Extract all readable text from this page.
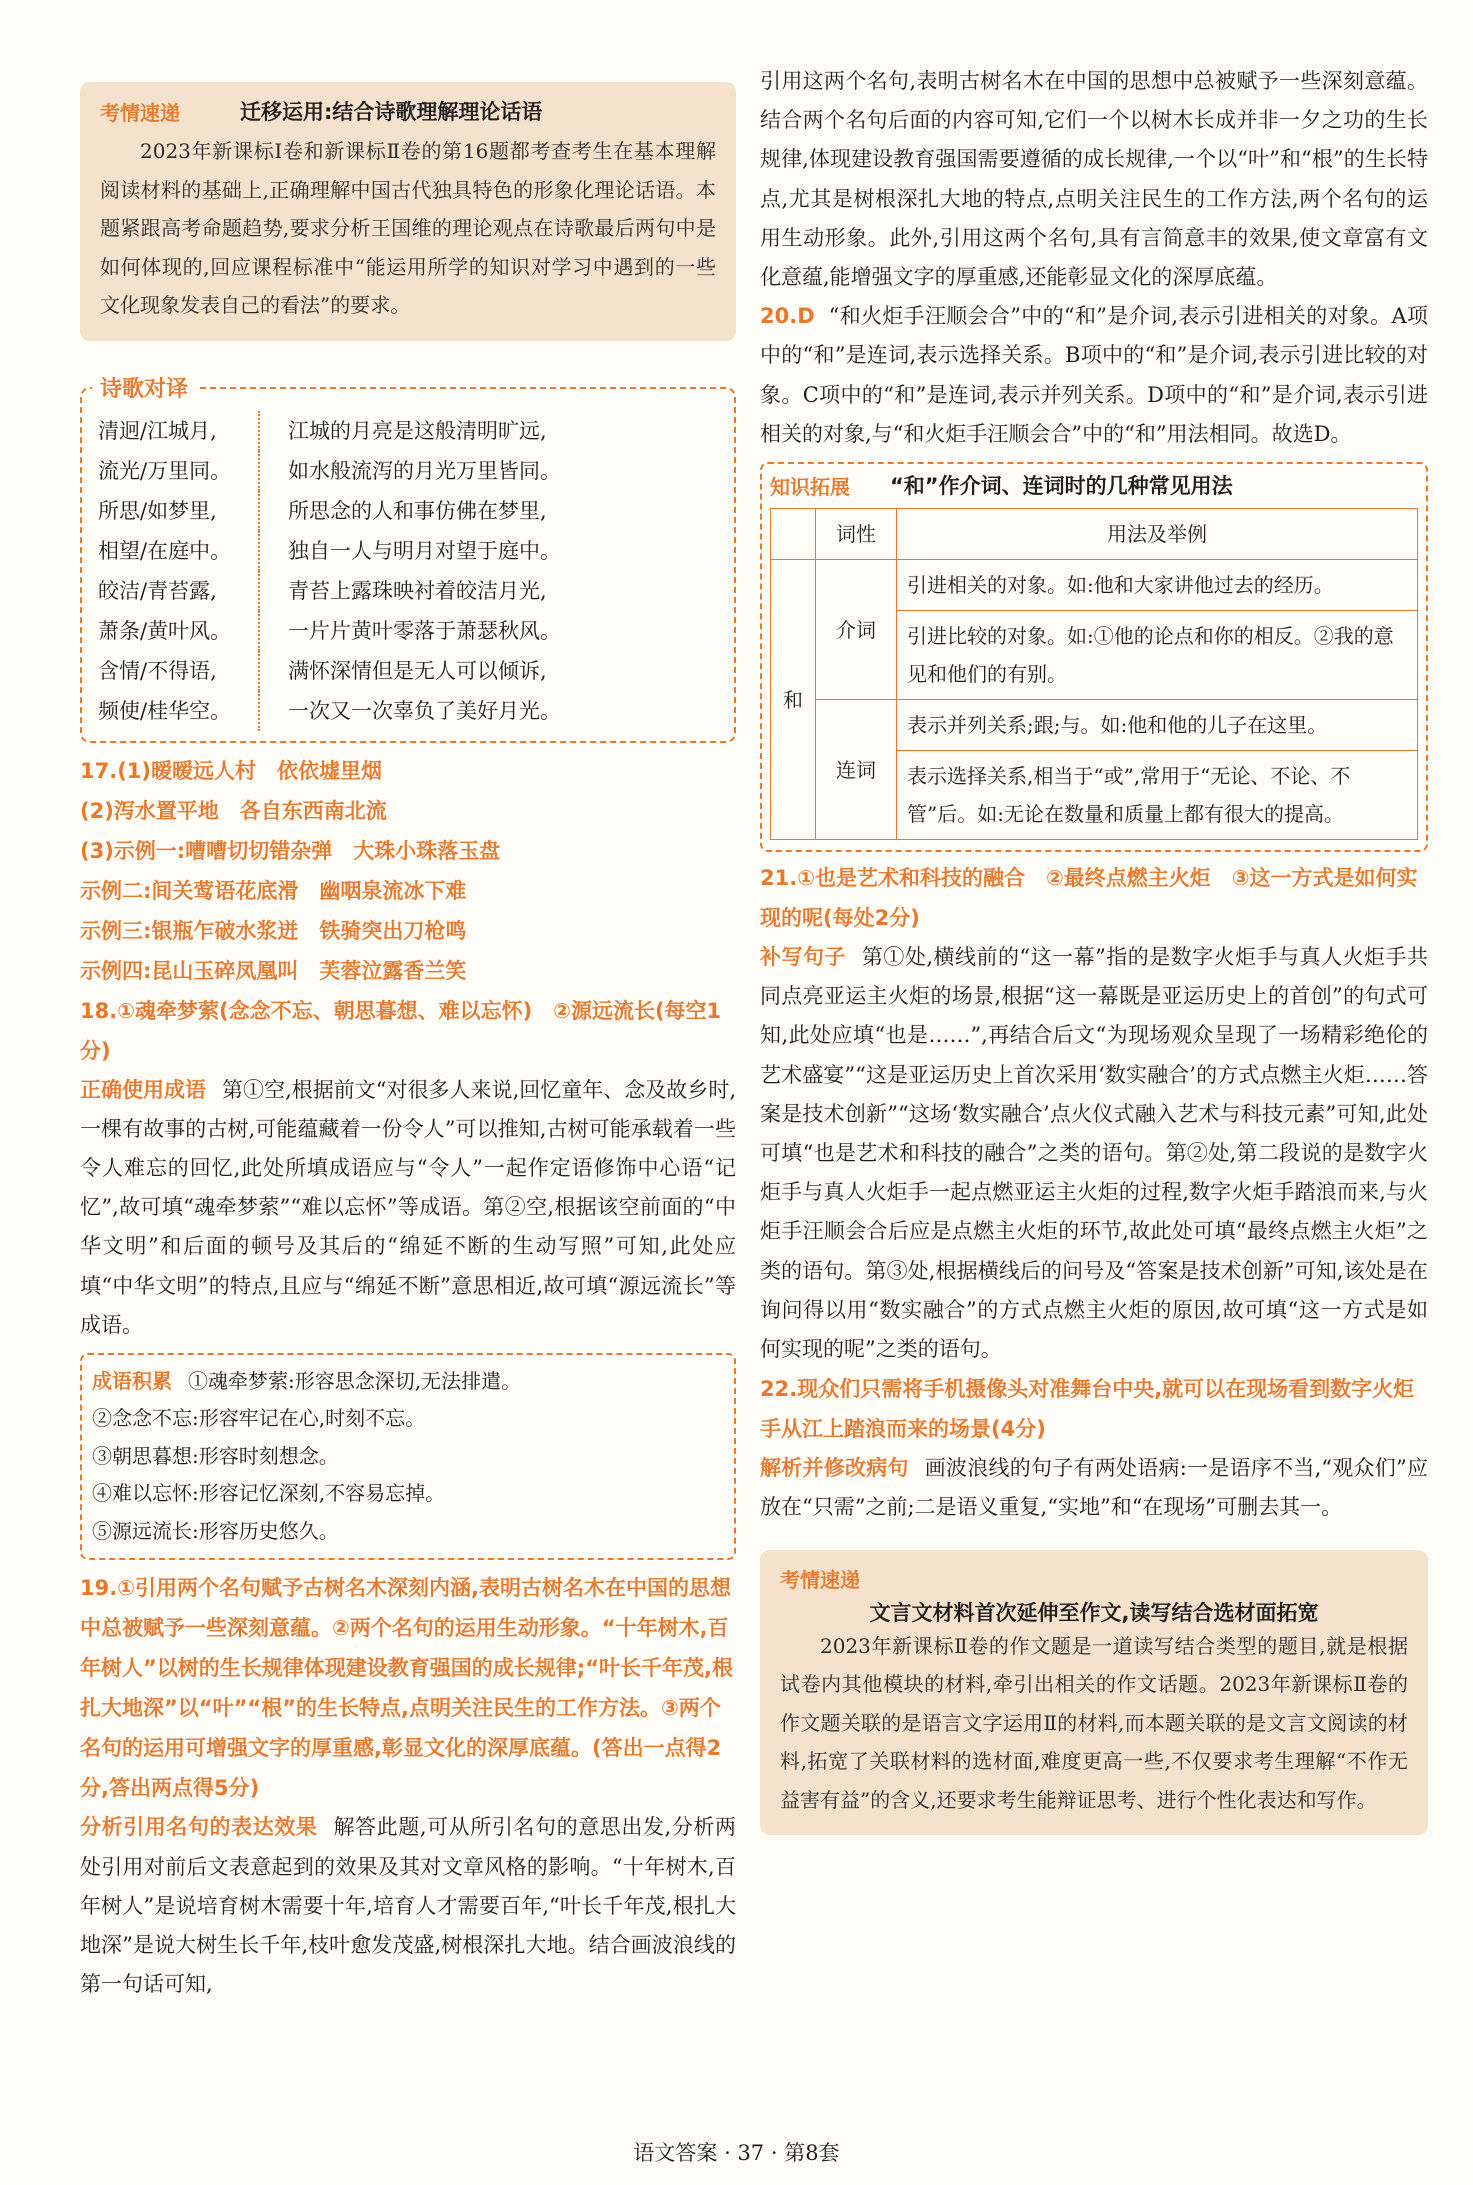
考情速递	迁移运用:结合诗歌理解理论话语

2023年新课标Ⅰ卷和新课标Ⅱ卷的第16题都考查考生在基本理解阅读材料的基础上,正确理解中国古代独具特色的形象化理论话语。本题紧跟高考命题趋势,要求分析王国维的理论观点在诗歌最后两句中是如何体现的,回应课程标准中“能运用所学的知识对学习中遇到的一些文化现象发表自己的看法”的要求。

诗歌对译
清迥/江城月,	江城的月亮是这般清明旷远,
流光/万里同。	如水般流泻的月光万里皆同。
所思/如梦里,	所思念的人和事仿佛在梦里,
相望/在庭中。	独自一人与明月对望于庭中。
皎洁/青苔露,	青苔上露珠映衬着皎洁月光,
萧条/黄叶风。	一片片黄叶零落于萧瑟秋风。
含情/不得语,	满怀深情但是无人可以倾诉,
频使/桂华空。	一次又一次辜负了美好月光。

17.(1)暧暧远人村　依依墟里烟

(2)泻水置平地　各自东西南北流

(3)示例一:嘈嘈切切错杂弹　大珠小珠落玉盘

示例二:间关莺语花底滑　幽咽泉流冰下难

示例三:银瓶乍破水浆迸　铁骑突出刀枪鸣

示例四:昆山玉碎凤凰叫　芙蓉泣露香兰笑

18.①魂牵梦萦(念念不忘、朝思暮想、难以忘怀)　②源远流长(每空1分)

正确使用成语 第①空,根据前文“对很多人来说,回忆童年、念及故乡时,一棵有故事的古树,可能蕴藏着一份令人”可以推知,古树可能承载着一些令人难忘的回忆,此处所填成语应与“令人”一起作定语修饰中心语“记忆”,故可填“魂牵梦萦”“难以忘怀”等成语。第②空,根据该空前面的“中华文明”和后面的顿号及其后的“绵延不断的生动写照”可知,此处应填“中华文明”的特点,且应与“绵延不断”意思相近,故可填“源远流长”等成语。

成语积累 ①魂牵梦萦:形容思念深切,无法排遣。

②念念不忘:形容牢记在心,时刻不忘。

③朝思暮想:形容时刻想念。

④难以忘怀:形容记忆深刻,不容易忘掉。

⑤源远流长:形容历史悠久。

19.①引用两个名句赋予古树名木深刻内涵,表明古树名木在中国的思想中总被赋予一些深刻意蕴。②两个名句的运用生动形象。“十年树木,百年树人”以树的生长规律体现建设教育强国的成长规律;“叶长千年茂,根扎大地深”以“叶”“根”的生长特点,点明关注民生的工作方法。③两个名句的运用可增强文字的厚重感,彰显文化的深厚底蕴。(答出一点得2分,答出两点得5分)

分析引用名句的表达效果 解答此题,可从所引名句的意思出发,分析两处引用对前后文表意起到的效果及其对文章风格的影响。“十年树木,百年树人”是说培育树木需要十年,培育人才需要百年,“叶长千年茂,根扎大地深”是说大树生长千年,枝叶愈发茂盛,树根深扎大地。结合画波浪线的第一句话可知,

引用这两个名句,表明古树名木在中国的思想中总被赋予一些深刻意蕴。结合两个名句后面的内容可知,它们一个以树木长成并非一夕之功的生长规律,体现建设教育强国需要遵循的成长规律,一个以“叶”和“根”的生长特点,尤其是树根深扎大地的特点,点明关注民生的工作方法,两个名句的运用生动形象。此外,引用这两个名句,具有言简意丰的效果,使文章富有文化意蕴,能增强文字的厚重感,还能彰显文化的深厚底蕴。

20.D “和火炬手汪顺会合”中的“和”是介词,表示引进相关的对象。A项中的“和”是连词,表示选择关系。B项中的“和”是介词,表示引进比较的对象。C项中的“和”是连词,表示并列关系。D项中的“和”是介词,表示引进相关的对象,与“和火炬手汪顺会合”中的“和”用法相同。故选D。

知识拓展 “和”作介词、连词时的几种常见用法
	词性	用法及举例
和	介词	引进相关的对象。如:他和大家讲他过去的经历。
		引进比较的对象。如:①他的论点和你的相反。②我的意见和他们的有别。
	连词	表示并列关系;跟;与。如:他和他的儿子在这里。
		表示选择关系,相当于“或”,常用于“无论、不论、不管”后。如:无论在数量和质量上都有很大的提高。

21.①也是艺术和科技的融合　②最终点燃主火炬　③这一方式是如何实现的呢(每处2分)

补写句子 第①处,横线前的“这一幕”指的是数字火炬手与真人火炬手共同点亮亚运主火炬的场景,根据“这一幕既是亚运历史上的首创”的句式可知,此处应填“也是……”,再结合后文“为现场观众呈现了一场精彩绝伦的艺术盛宴”“这是亚运历史上首次采用‘数实融合’的方式点燃主火炬……答案是技术创新”“这场‘数实融合’点火仪式融入艺术与科技元素”可知,此处可填“也是艺术和科技的融合”之类的语句。第②处,第二段说的是数字火炬手与真人火炬手一起点燃亚运主火炬的过程,数字火炬手踏浪而来,与火炬手汪顺会合后应是点燃主火炬的环节,故此处可填“最终点燃主火炬”之类的语句。第③处,根据横线后的问号及“答案是技术创新”可知,该处是在询问得以用“数实融合”的方式点燃主火炬的原因,故可填“这一方式是如何实现的呢”之类的语句。

22.现众们只需将手机摄像头对准舞台中央,就可以在现场看到数字火炬手从江上踏浪而来的场景(4分)

解析并修改病句 画波浪线的句子有两处语病:一是语序不当,“观众们”应放在“只需”之前;二是语义重复,“实地”和“在现场”可删去其一。

考情速递
文言文材料首次延伸至作文,读写结合选材面拓宽

2023年新课标Ⅱ卷的作文题是一道读写结合类型的题目,就是根据试卷内其他模块的材料,牵引出相关的作文话题。2023年新课标Ⅱ卷的作文题关联的是语言文字运用Ⅱ的材料,而本题关联的是文言文阅读的材料,拓宽了关联材料的选材面,难度更高一些,不仅要求考生理解“不作无益害有益”的含义,还要求考生能辩证思考、进行个性化表达和写作。

语文答案 · 37 · 第8套
